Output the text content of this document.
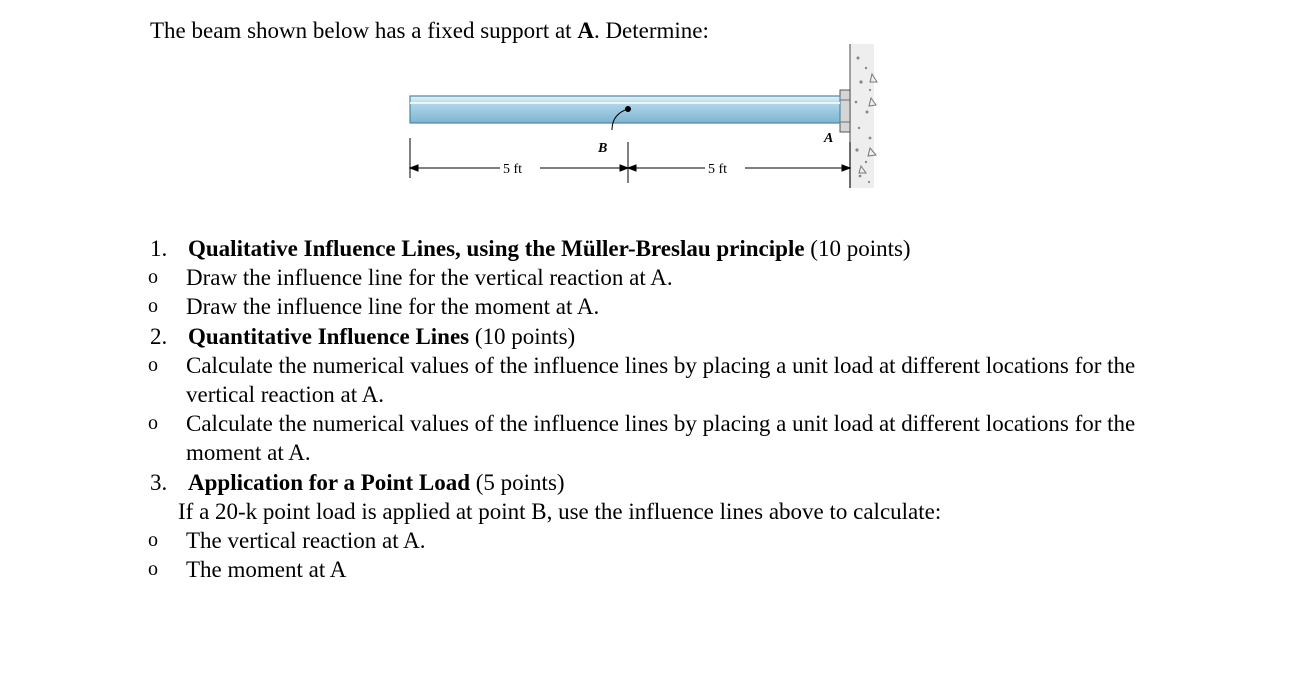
The beam shown below has a fixed support at A. Determine:
B
A
5 ft	5 ft
1. Qualitative Influence Lines, using the Müller-Breslau principle (10 points)
o	Draw the influence line for the vertical reaction at A.
o	Draw the influence line for the moment at A.
2. Quantitative Influence Lines (10 points)
o	Calculate the numerical values of the influence lines by placing a unit load at different locations for the vertical reaction at A.
o	Calculate the numerical values of the influence lines by placing a unit load at different locations for the moment at A.
3. Application for a Point Load (5 points)
If a 20-k point load is applied at point B, use the influence lines above to calculate:
o	The vertical reaction at A.
o	The moment at A
